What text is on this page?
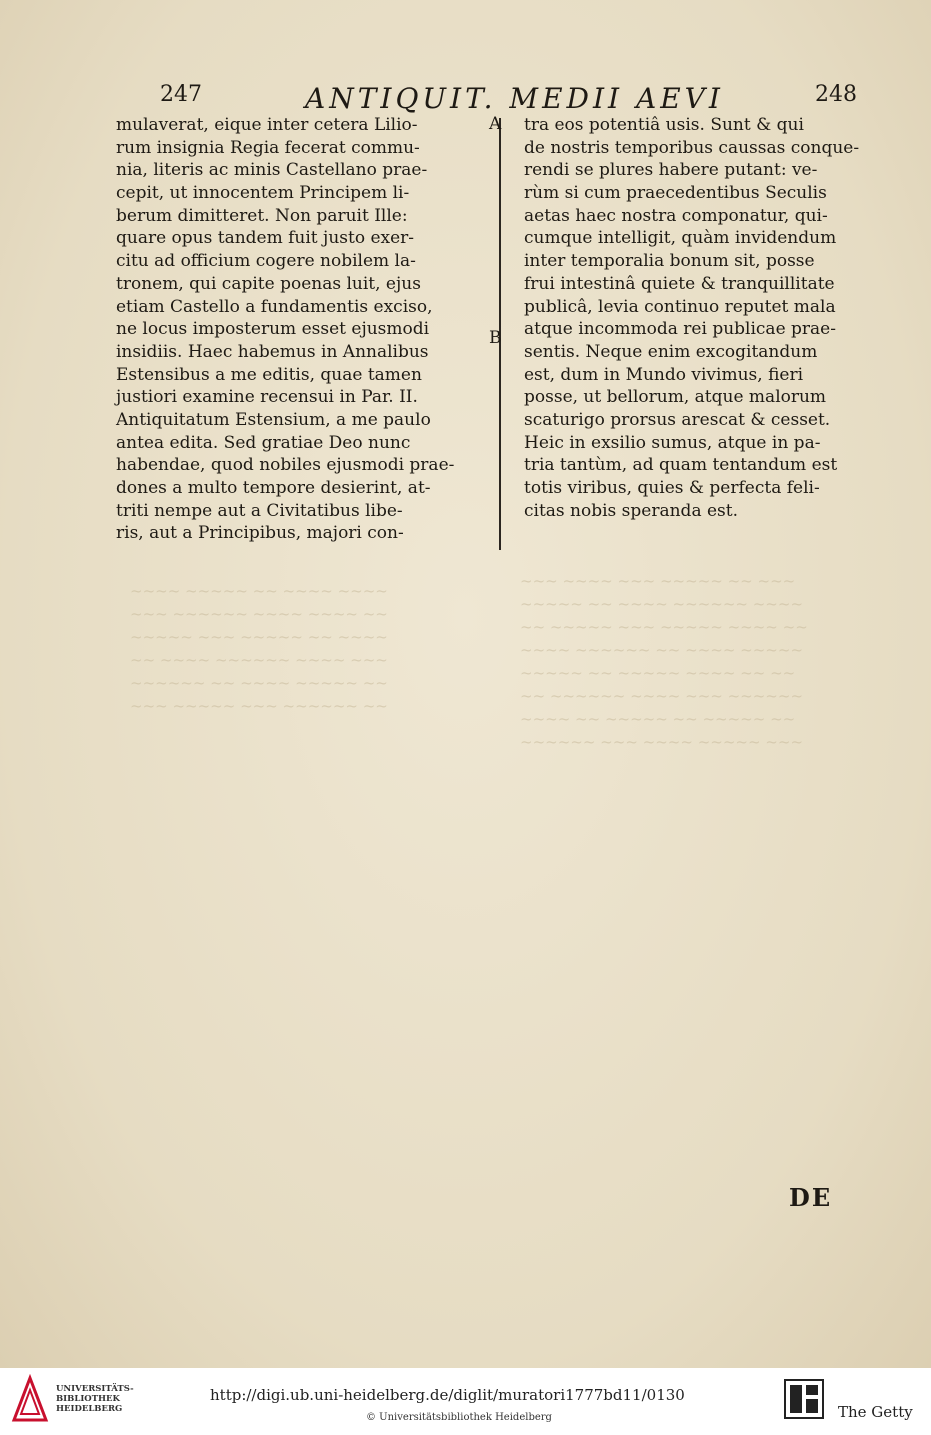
~~~ ~~~~ ~~~ ~~~~~ ~~ ~~~
~~~~~ ~~ ~~~~ ~~~~~~ ~~~~
~~ ~~~~~ ~~~ ~~~~~ ~~~~ ~~
~~~~ ~~~~~~ ~~ ~~~~ ~~~~~
~~~~~ ~~ ~~~~~ ~~~~ ~~ ~~
~~ ~~~~~~ ~~~~ ~~~ ~~~~~~
~~~~ ~~ ~~~~~ ~~ ~~~~~ ~~
~~~~~~ ~~~ ~~~~ ~~~~~ ~~~
~~~~ ~~~~~ ~~ ~~~~ ~~~~
~~~ ~~~~~~ ~~~~ ~~~~ ~~
~~~~~ ~~~ ~~~~~ ~~ ~~~~
~~ ~~~~ ~~~~~~ ~~~~ ~~~
~~~~~~ ~~ ~~~~ ~~~~~ ~~
~~~ ~~~~~ ~~~ ~~~~~~ ~~
247	ANTIQUIT. MEDII AEVI	248
mulaverat, eique inter cetera Lilio-
rum insignia Regia fecerat commu-
nia, literis ac minis Castellano prae-
cepit, ut innocentem Principem li-
berum dimitteret. Non paruit Ille:
quare opus tandem fuit justo exer-
citu ad officium cogere nobilem la-
tronem, qui capite poenas luit, ejus
etiam Castello a fundamentis exciso,
ne locus imposterum esset ejusmodi
insidiis. Haec habemus in Annalibus
Estensibus a me editis, quae tamen
justiori examine recensui in Par. II.
Antiquitatum Estensium, a me paulo
antea edita. Sed gratiae Deo nunc
habendae, quod nobiles ejusmodi prae-
dones a multo tempore desierint, at-
triti nempe aut a Civitatibus libe-
ris, aut a Principibus, majori con-
A
B
tra eos potentiâ usis. Sunt & qui
de nostris temporibus caussas conque-
rendi se plures habere putant: ve-
rùm si cum praecedentibus Seculis
aetas haec nostra componatur, qui-
cumque intelligit, quàm invidendum
inter temporalia bonum sit, posse
frui intestinâ quiete & tranquillitate
publicâ, levia continuo reputet mala
atque incommoda rei publicae prae-
sentis. Neque enim excogitandum
est, dum in Mundo vivimus, fieri
posse, ut bellorum, atque malorum
scaturigo prorsus arescat & cesset.
Heic in exsilio sumus, atque in pa-
tria tantùm, ad quam tentandum est
totis viribus, quies & perfecta feli-
citas nobis speranda est.
DE
UNIVERSITÄTS-
BIBLIOTHEK
HEIDELBERG
http://digi.ub.uni-heidelberg.de/diglit/muratori1777bd11/0130
© Universitätsbibliothek Heidelberg	The Getty
